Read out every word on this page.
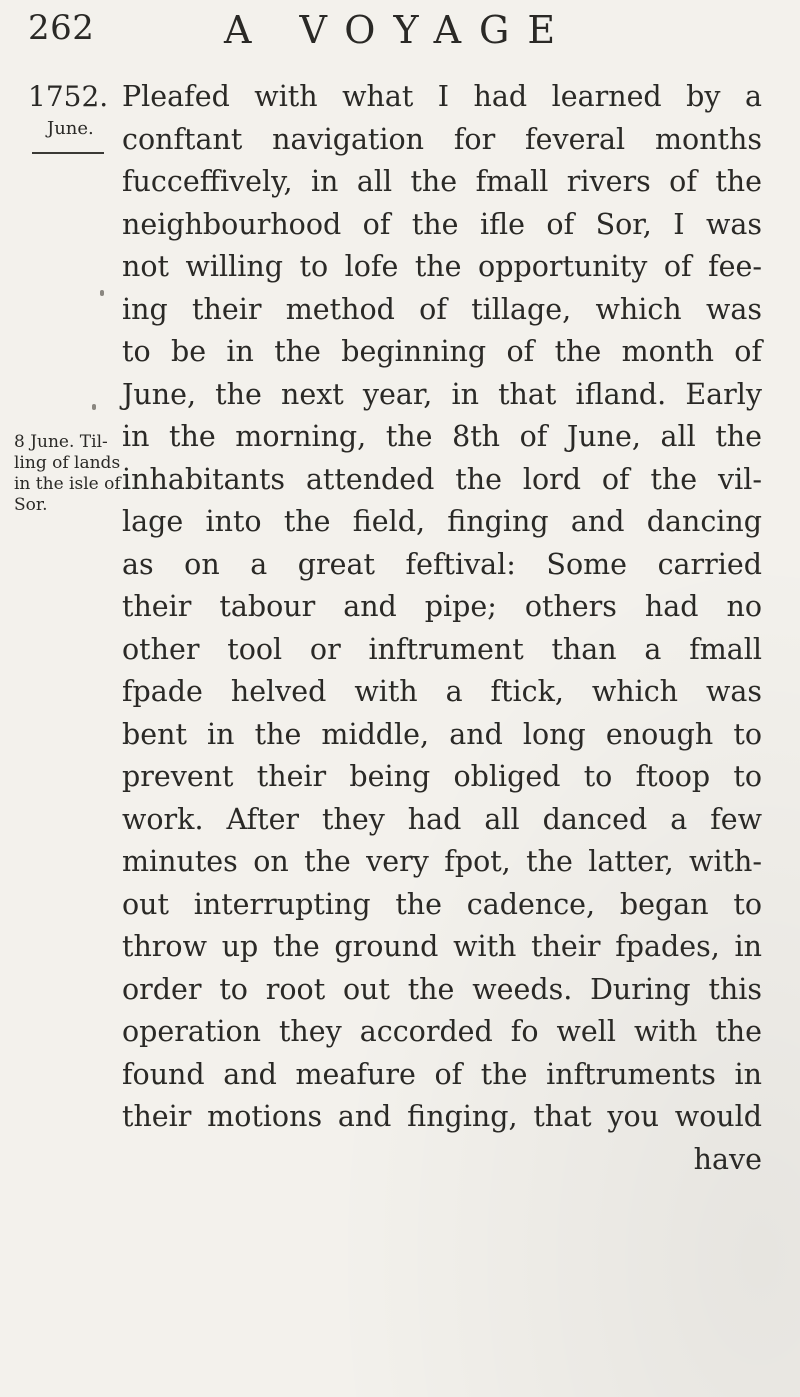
262	A VOYAGE
1752.
June.
8 June. Til-
ling of lands
in the isle of
Sor.
Pleafed with what I had learned by a
conftant navigation for feveral months
fucceffively, in all the fmall rivers of the
neighbourhood of the ifle of Sor, I was
not willing to lofe the opportunity of fee-
ing their method of tillage, which was
to be in the beginning of the month of
June, the next year, in that ifland. Early
in the morning, the 8th of June, all the
inhabitants attended the lord of the vil-
lage into the field, finging and dancing
as on a great feftival: Some carried
their tabour and pipe; others had no
other tool or inftrument than a fmall
fpade helved with a ftick, which was
bent in the middle, and long enough to
prevent their being obliged to ftoop to
work. After they had all danced a few
minutes on the very fpot, the latter, with-
out interrupting the cadence, began to
throw up the ground with their fpades, in
order to root out the weeds. During this
operation they accorded fo well with the
found and meafure of the inftruments in
their motions and finging, that you would
have
